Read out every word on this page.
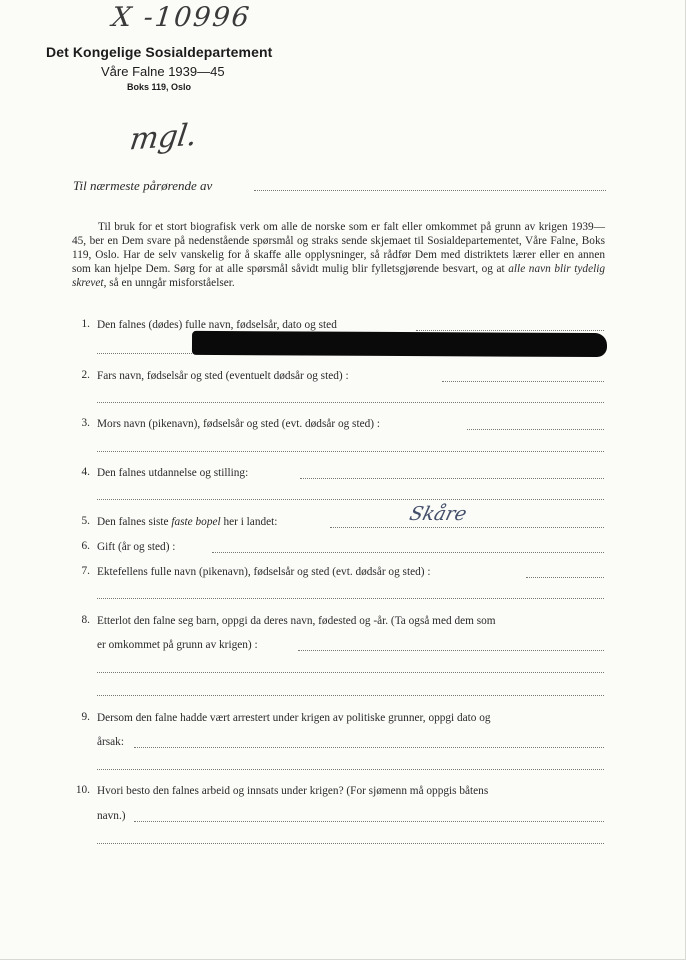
X -10996
Det Kongelige Sosialdepartement
Våre Falne 1939—45
Boks 119, Oslo
mgl.
Til nærmeste pårørende av
Til bruk for et stort biografisk verk om alle de norske som er falt eller omkommet på grunn av krigen 1939—45, ber en Dem svare på nedenstående spørsmål og straks sende skjemaet til Sosialdepartementet, Våre Falne, Boks 119, Oslo. Har de selv vanskelig for å skaffe alle opplysninger, så rådfør Dem med distriktets lærer eller en annen som kan hjelpe Dem. Sørg for at alle spørsmål såvidt mulig blir fylletsgjørende besvart, og at alle navn blir tydelig skrevet, så en unngår misforståelser.
1. Den falnes (dødes) fulle navn, fødselsår, dato og sted
2. Fars navn, fødselsår og sted (eventuelt dødsår og sted) :
3. Mors navn (pikenavn), fødselsår og sted (evt. dødsår og sted) :
4. Den falnes utdannelse og stilling:
5. Den falnes siste faste bopel her i landet:	Skåre
6. Gift (år og sted) :
7. Ektefellens fulle navn (pikenavn), fødselsår og sted (evt. dødsår og sted) :
8. Etterlot den falne seg barn, oppgi da deres navn, fødested og -år. (Ta også med dem som
er omkommet på grunn av krigen) :
9. Dersom den falne hadde vært arrestert under krigen av politiske grunner, oppgi dato og
årsak:
10. Hvori besto den falnes arbeid og innsats under krigen? (For sjømenn må oppgis båtens
navn.)
